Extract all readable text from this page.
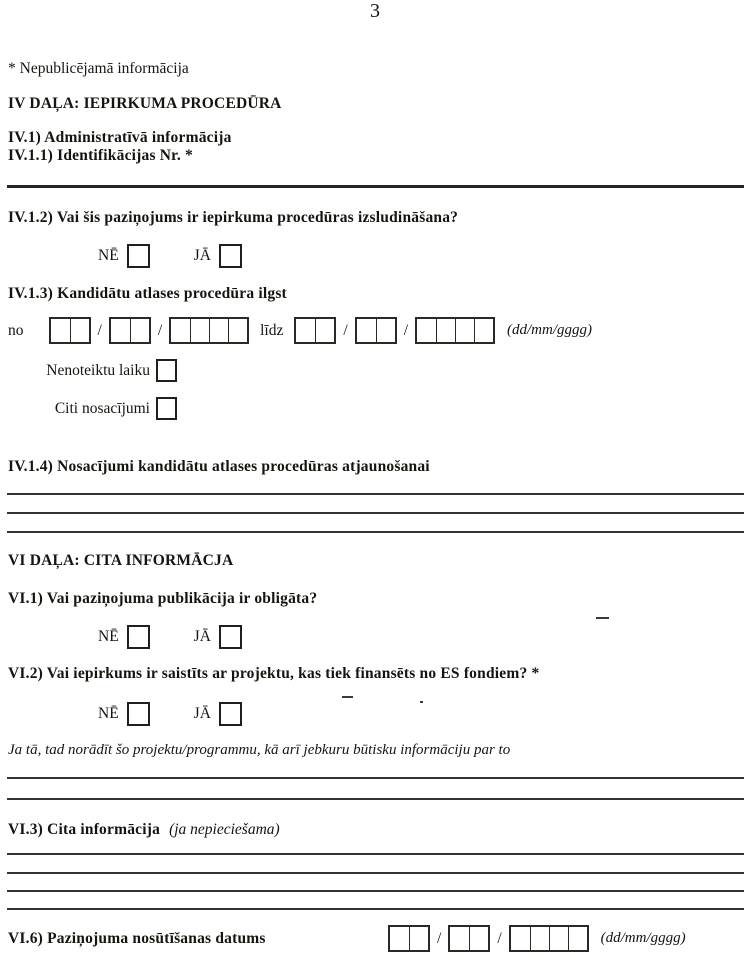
3
* Nepublicējamā informācija
IV DAĻA: IEPIRKUMA PROCEDŪRA
IV.1) Administratīvā informācija
IV.1.1) Identifikācijas Nr. *
IV.1.2) Vai šis paziņojums ir iepirkuma procedūras izsludināšana?
NĒ	JĀ
IV.1.3) Kandidātu atlases procedūra ilgst
no	/	/	līdz	/	/	(dd/mm/gggg)
Nenoteiktu laiku
Citi nosacījumi
IV.1.4) Nosacījumi kandidātu atlases procedūras atjaunošanai
VI DAĻA: CITA INFORMĀCJA
VI.1) Vai paziņojuma publikācija ir obligāta?
NĒ	JĀ
VI.2) Vai iepirkums ir saistīts ar projektu, kas tiek finansēts no ES fondiem? *
NĒ	JĀ
Ja tā, tad norādīt šo projektu/programmu, kā arī jebkuru būtisku informāciju par to
VI.3) Cita informācija (ja nepieciešama)
VI.6) Paziņojuma nosūtīšanas datums	/	/	(dd/mm/gggg)
